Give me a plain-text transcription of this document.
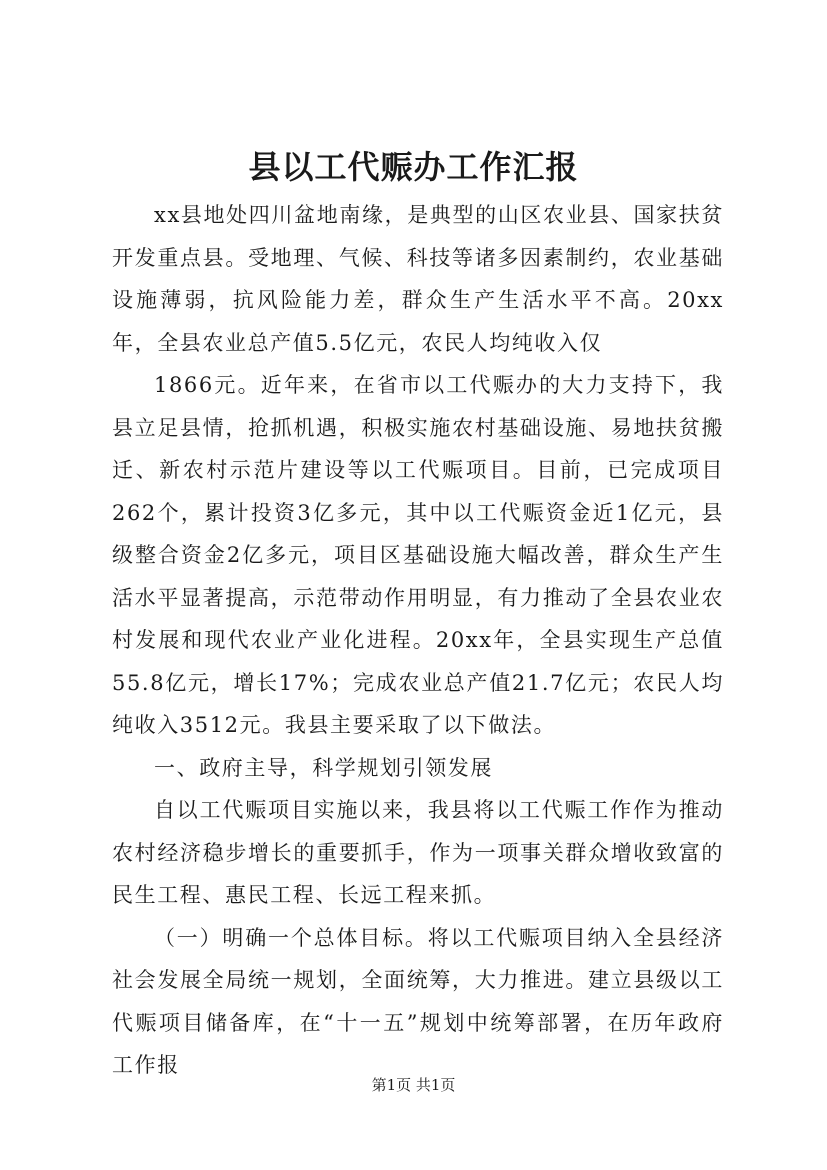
县以工代赈办工作汇报

xx县地处四川盆地南缘，是典型的山区农业县、国家扶贫开发重点县。受地理、气候、科技等诸多因素制约，农业基础设施薄弱，抗风险能力差，群众生产生活水平不高。20xx年，全县农业总产值5.5亿元，农民人均纯收入仅

1866元。近年来，在省市以工代赈办的大力支持下，我县立足县情，抢抓机遇，积极实施农村基础设施、易地扶贫搬迁、新农村示范片建设等以工代赈项目。目前，已完成项目262个，累计投资3亿多元，其中以工代赈资金近1亿元，县级整合资金2亿多元，项目区基础设施大幅改善，群众生产生活水平显著提高，示范带动作用明显，有力推动了全县农业农村发展和现代农业产业化进程。20xx年，全县实现生产总值55.8亿元，增长17%；完成农业总产值21.7亿元；农民人均纯收入3512元。我县主要采取了以下做法。

一、政府主导，科学规划引领发展

自以工代赈项目实施以来，我县将以工代赈工作作为推动农村经济稳步增长的重要抓手，作为一项事关群众增收致富的民生工程、惠民工程、长远工程来抓。

（一）明确一个总体目标。将以工代赈项目纳入全县经济社会发展全局统一规划，全面统筹，大力推进。建立县级以工代赈项目储备库，在“十一五”规划中统筹部署，在历年政府工作报

第1页 共1页
